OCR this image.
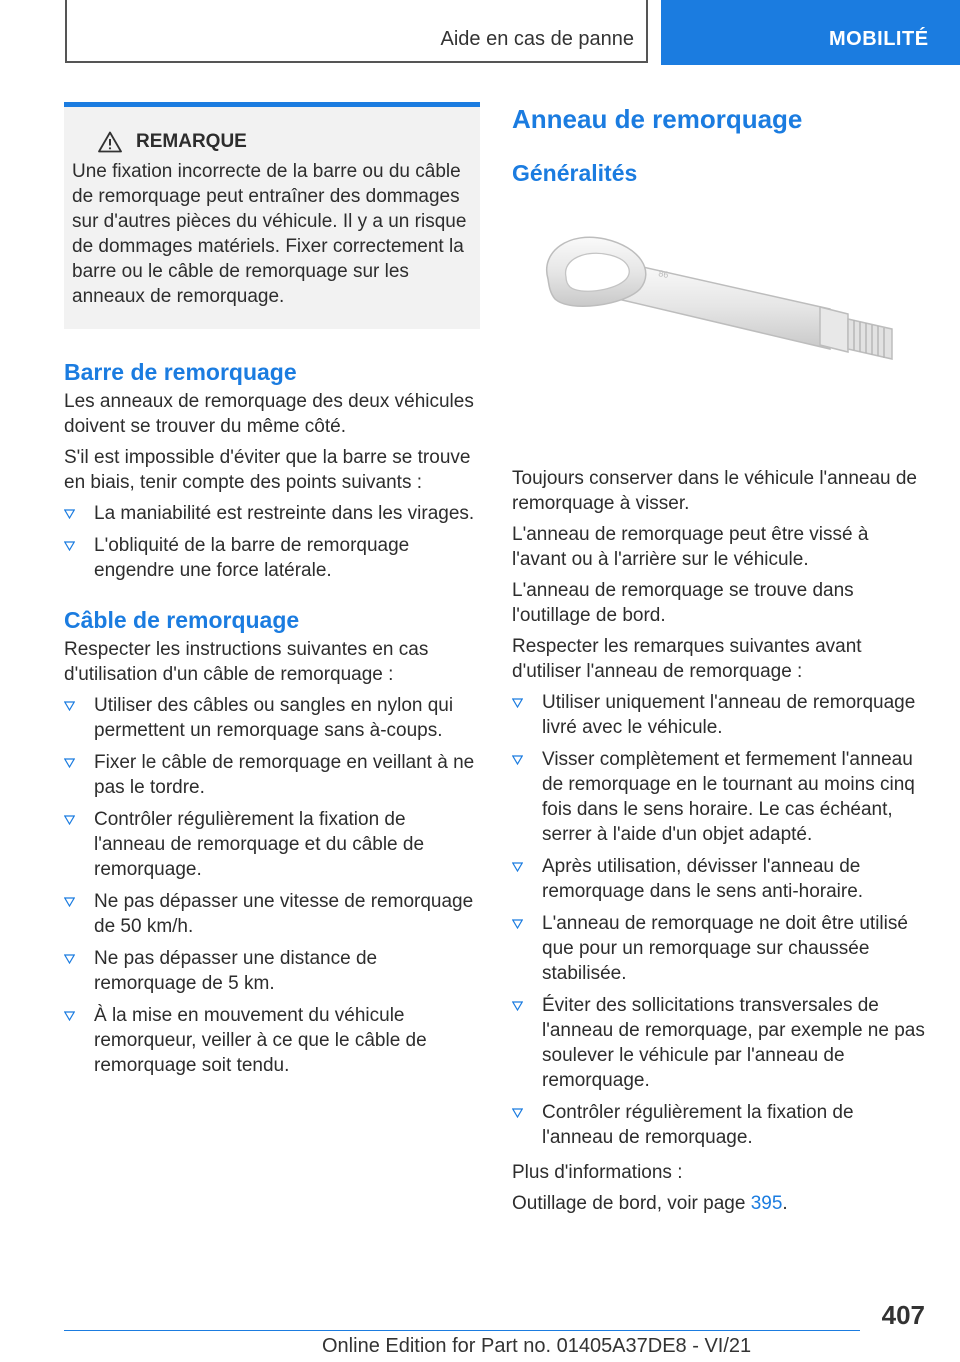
Aide en cas de panne	MOBILITÉ
REMARQUE

Une fixation incorrecte de la barre ou du câble de remorquage peut entraîner des dommages sur d'autres pièces du véhicule. Il y a un risque de dommages matériels. Fixer correctement la barre ou le câble de remorquage sur les anneaux de remorquage.

Barre de remorquage

Les anneaux de remorquage des deux véhicules doivent se trouver du même côté.

S'il est impossible d'éviter que la barre se trouve en biais, tenir compte des points suivants :

La maniabilité est restreinte dans les virages.
L'obliquité de la barre de remorquage engendre une force latérale.
Câble de remorquage

Respecter les instructions suivantes en cas d'utilisation d'un câble de remorquage :

Utiliser des câbles ou sangles en nylon qui permettent un remorquage sans à-coups.
Fixer le câble de remorquage en veillant à ne pas le tordre.
Contrôler régulièrement la fixation de l'anneau de remorquage et du câble de remorquage.
Ne pas dépasser une vitesse de remorquage de 50 km/h.
Ne pas dépasser une distance de remorquage de 5 km.
À la mise en mouvement du véhicule remorqueur, veiller à ce que le câble de remorquage soit tendu.
Anneau de remorquage
Généralités
86

Toujours conserver dans le véhicule l'anneau de remorquage à visser.

L'anneau de remorquage peut être vissé à l'avant ou à l'arrière sur le véhicule.

L'anneau de remorquage se trouve dans l'outillage de bord.

Respecter les remarques suivantes avant d'utiliser l'anneau de remorquage :

Utiliser uniquement l'anneau de remorquage livré avec le véhicule.
Visser complètement et fermement l'anneau de remorquage en le tournant au moins cinq fois dans le sens horaire. Le cas échéant, serrer à l'aide d'un objet adapté.
Après utilisation, dévisser l'anneau de remorquage dans le sens anti-horaire.
L'anneau de remorquage ne doit être utilisé que pour un remorquage sur chaussée stabilisée.
Éviter des sollicitations transversales de l'anneau de remorquage, par exemple ne pas soulever le véhicule par l'anneau de remorquage.
Contrôler régulièrement la fixation de l'anneau de remorquage.

Plus d'informations :

Outillage de bord, voir page 395.

407
Online Edition for Part no. 01405A37DE8 - VI/21
